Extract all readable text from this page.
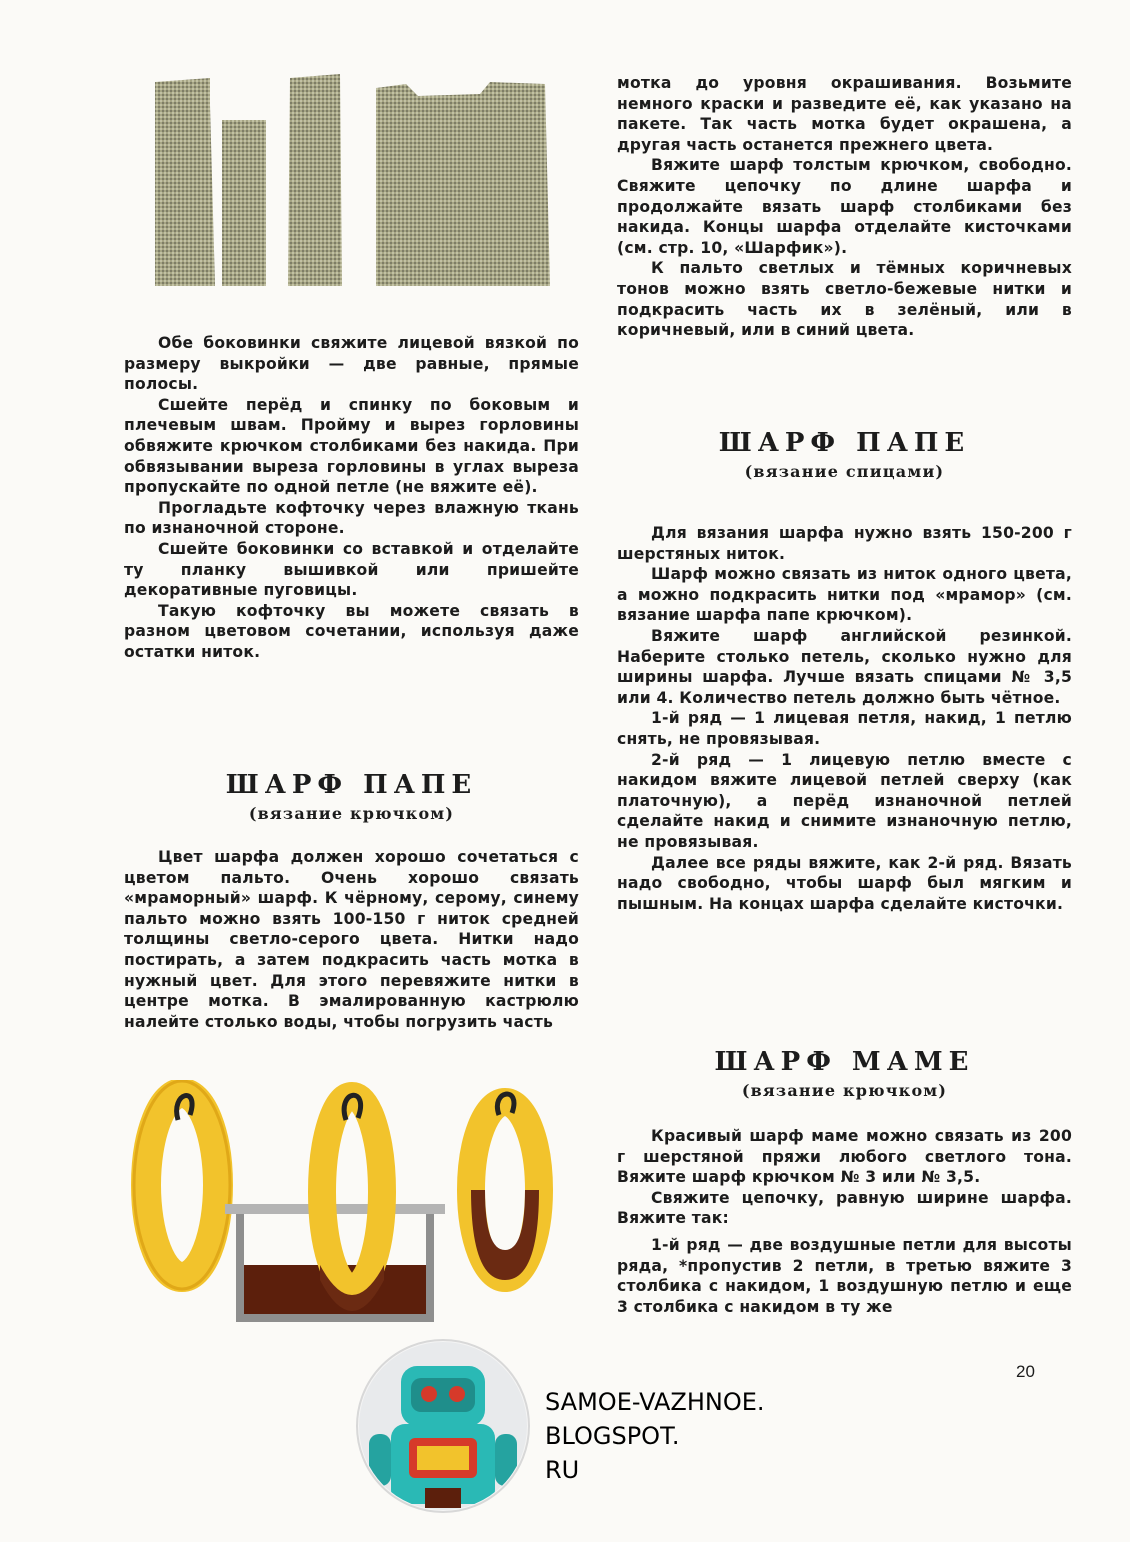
Обе боковинки свяжите лицевой вязкой по размеру выкройки — две равные, прямые полосы.

Сшейте перёд и спинку по боковым и плечевым швам. Пройму и вырез горловины обвяжите крючком столбиками без накида. При обвязывании выреза горловины в углах выреза пропускайте по одной петле (не вяжите её).

Прогладьте кофточку через влажную ткань по изнаночной стороне.

Сшейте боковинки со вставкой и отделайте ту планку вышивкой или пришейте декоративные пуговицы.

Такую кофточку вы можете связать в разном цветовом сочетании, используя даже остатки ниток.

ШАРФ ПАПЕ

(вязание крючком)

Цвет шарфа должен хорошо сочетаться с цветом пальто. Очень хорошо связать «мраморный» шарф. К чёрному, серому, синему пальто можно взять 100-150 г ниток средней толщины светло-серого цвета. Нитки надо постирать, а затем подкрасить часть мотка в нужный цвет. Для этого перевяжите нитки в центре мотка. В эмалированную кастрюлю налейте столько воды, чтобы погрузить часть

мотка до уровня окрашивания. Возьмите немного краски и разведите её, как указано на пакете. Так часть мотка будет окрашена, а другая часть останется прежнего цвета.

Вяжите шарф толстым крючком, свободно. Свяжите цепочку по длине шарфа и продолжайте вязать шарф столбиками без накида. Концы шарфа отделайте кисточками (см. стр. 10, «Шарфик»).

К пальто светлых и тёмных коричневых тонов можно взять светло-бежевые нитки и подкрасить часть их в зелёный, или в коричневый, или в синий цвета.

ШАРФ ПАПЕ

(вязание спицами)

Для вязания шарфа нужно взять 150-200 г шерстяных ниток.

Шарф можно связать из ниток одного цвета, а можно подкрасить нитки под «мрамор» (см. вязание шарфа папе крючком).

Вяжите шарф английской резинкой. Наберите столько петель, сколько нужно для ширины шарфа. Лучше вязать спицами № 3,5 или 4. Количество петель должно быть чётное.

1-й ряд — 1 лицевая петля, накид, 1 петлю снять, не провязывая.

2-й ряд — 1 лицевую петлю вместе с накидом вяжите лицевой петлей сверху (как платочную), а перёд изнаночной петлей сделайте накид и снимите изнаночную петлю, не провязывая.

Далее все ряды вяжите, как 2-й ряд. Вязать надо свободно, чтобы шарф был мягким и пышным. На концах шарфа сделайте кисточки.

ШАРФ МАМЕ

(вязание крючком)

Красивый шарф маме можно связать из 200 г шерстяной пряжи любого светлого тона. Вяжите шарф крючком № 3 или № 3,5.

Свяжите цепочку, равную ширине шарфа. Вяжите так:

1-й ряд — две воздушные петли для высоты ряда, *пропустив 2 петли, в третью вяжите 3 столбика с накидом, 1 воздушную петлю и еще 3 столбика с накидом в ту же

20
SAMOE-VAZHNOE.
BLOGSPOT.
RU
